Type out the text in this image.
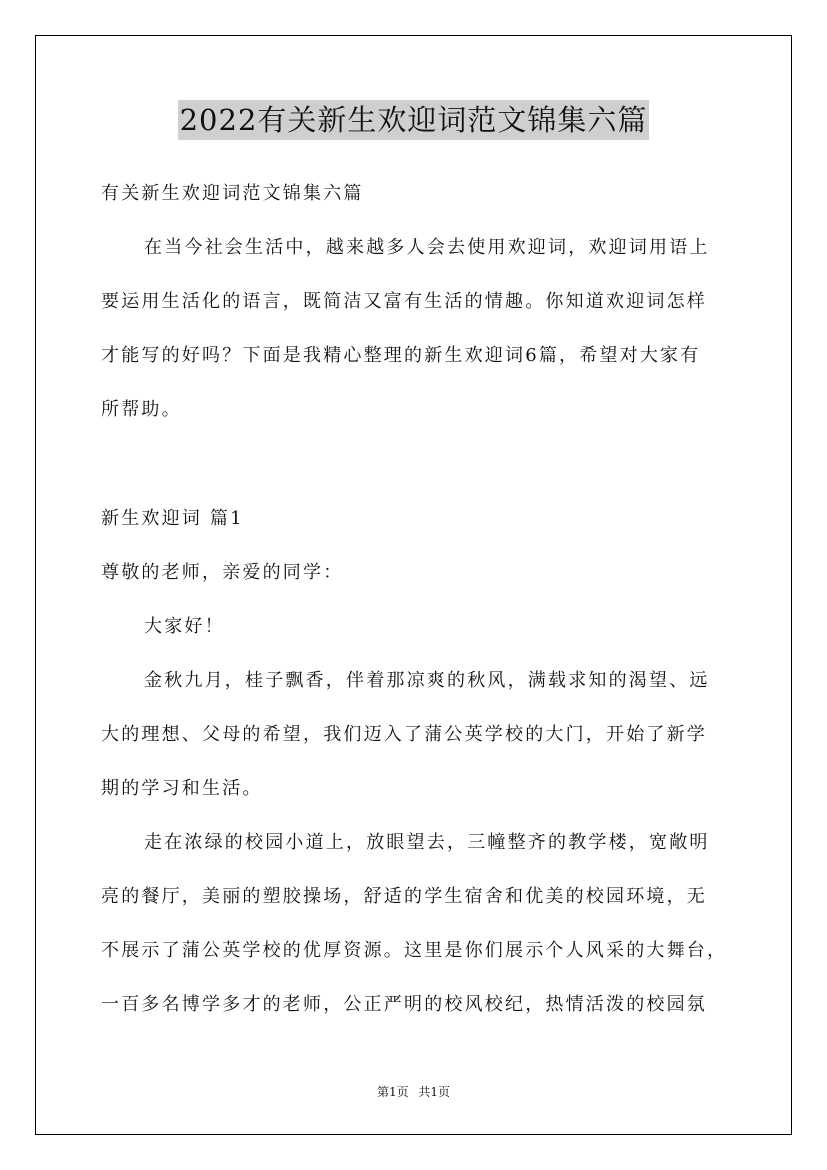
2022有关新生欢迎词范文锦集六篇
有关新生欢迎词范文锦集六篇
在当今社会生活中，越来越多人会去使用欢迎词，欢迎词用语上
要运用生活化的语言，既简洁又富有生活的情趣。你知道欢迎词怎样
才能写的好吗？下面是我精心整理的新生欢迎词6篇，希望对大家有
所帮助。
新生欢迎词 篇1
尊敬的老师，亲爱的同学：
大家好！
金秋九月，桂子飘香，伴着那凉爽的秋风，满载求知的渴望、远
大的理想、父母的希望，我们迈入了蒲公英学校的大门，开始了新学
期的学习和生活。
走在浓绿的校园小道上，放眼望去，三幢整齐的教学楼，宽敞明
亮的餐厅，美丽的塑胶操场，舒适的学生宿舍和优美的校园环境，无
不展示了蒲公英学校的优厚资源。这里是你们展示个人风采的大舞台，
一百多名博学多才的老师，公正严明的校风校纪，热情活泼的校园氛
第1页 共1页
